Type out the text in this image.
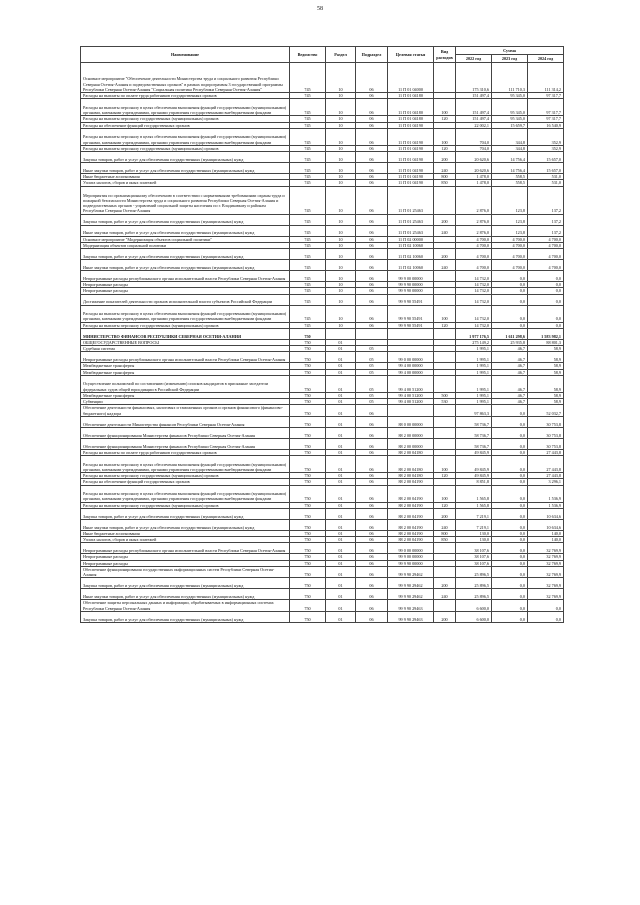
58
Наименование	Ведомство	Раздел	Подраздел	Целевая статья	Вид расходов	Сумма		
						2022 год	2023 год	2024 год
Основное мероприятие "Обеспечение деятельности Министерства труда и социального развития Республики Северная Осетия-Алания и подведомственных органов" в рамках подпрограммы 3 государственной программы Республики Северная Осетия-Алания "Социальная политика Республики Северная Осетия-Алания"	745	10	06	11 П 01 04000		175 310,6	111 710,3	111 314,2
Расходы на выплаты по оплате труда работников государственных органов	745	10	06	11 П 01 04180		151 497,4	95 345,0	97 317,7
Расходы на выплаты персоналу в целях обеспечения выполнения функций государственными (муниципальными) органами, казенными учреждениями, органами управления государственными внебюджетными фондами	745	10	06	11 П 01 04180	100	151 497,4	95 345,0	97 317,7
Расходы на выплаты персоналу государственных (муниципальных) органов	745	10	06	11 П 01 04180	120	151 497,4	95 345,0	97 317,7
Расходы на обеспечение функций государственных органов	745	10	06	11 П 01 04190		22 002,1	15 659,7	16 540,9
Расходы на выплаты персоналу в целях обеспечения выполнения функций государственными (муниципальными) органами, казенными учреждениями, органами управления государственными внебюджетными фондами	745	10	06	11 П 01 04190	100	704,0	344,8	352,9
Расходы на выплаты персоналу государственных (муниципальных) органов	745	10	06	11 П 01 04190	120	704,0	344,8	352,9
Закупка товаров, работ и услуг для обеспечения государственных (муниципальных) нужд	745	10	06	11 П 01 04190	200	20 620,6	14 756,4	15 657,0
Иные закупки товаров, работ и услуг для обеспечения государственных (муниципальных) нужд	745	10	06	11 П 01 04190	240	20 620,6	14 756,4	15 657,0
Иные бюджетные ассигнования	745	10	06	11 П 01 04190	800	1 478,0	558,5	531,0
Уплата налогов, сборов и иных платежей	745	10	06	11 П 01 04190	850	1 478,0	558,5	531,0
Мероприятия по организационному обеспечению в соответствии с нормативными требованиями охраны труда и пожарной безопасности Министерства труда и социального развития Республики Северная Осетия-Алания и подведомственных органов - управлений социальной защиты населения по г. Владикавказу и районам Республики Северная Осетия-Алания	745	10	06	11 П 01 25463		2 876,0	123,8	137,2
Закупка товаров, работ и услуг для обеспечения государственных (муниципальных) нужд	745	10	06	11 П 01 25463	200	2 876,0	123,8	137,2
Иные закупки товаров, работ и услуг для обеспечения государственных (муниципальных) нужд	745	10	06	11 П 01 25463	240	2 876,0	123,8	137,2
Основное мероприятие "Модернизация объектов социальной политики"	745	10	06	11 П 02 00000		4 700,0	4 700,0	4 700,0
Модернизация объектов социальной политики	745	10	06	11 П 02 10060		4 700,0	4 700,0	4 700,0
Закупка товаров, работ и услуг для обеспечения государственных (муниципальных) нужд	745	10	06	11 П 02 10060	200	4 700,0	4 700,0	4 700,0
Иные закупки товаров, работ и услуг для обеспечения государственных (муниципальных) нужд	745	10	06	11 П 02 10060	240	4 700,0	4 700,0	4 700,0
Непрограммные расходы республиканского органа исполнительной власти Республики Северная Осетия-Алания	745	10	06	99 9 00 00000		14 732,0	0,0	0,0
Непрограммные расходы	745	10	06	99 9 90 00000		14 732,0	0,0	0,0
Непрограммные расходы	745	10	06	99 9 90 00000		14 732,0	0,0	0,0
Достижение показателей деятельности органов исполнительной власти субъектов Российской Федерации	745	10	06	99 9 90 55491		14 732,0	0,0	0,0
Расходы на выплаты персоналу в целях обеспечения выполнения функций государственными (муниципальными) органами, казенными учреждениями, органами управления государственными внебюджетными фондами	745	10	06	99 9 90 55491	100	14 732,0	0,0	0,0
Расходы на выплаты персоналу государственных (муниципальных) органов	745	10	06	99 9 90 55491	120	14 732,0	0,0	0,0
МИНИСТЕРСТВО ФИНАНСОВ РЕСПУБЛИКИ СЕВЕРНАЯ ОСЕТИЯ-АЛАНИЯ	750					1 977 176,5	1 611 298,6	1 583 982,1
ОБЩЕГОСУДАРСТВЕННЫЕ ВОПРОСЫ	750	01				275 149,2	25 935,8	88 801,3
Судебная система	750	01	05			1 995,1	46,7	58,9
Непрограммные расходы республиканского органа исполнительной власти Республики Северная Осетия-Алания	750	01	05	99 0 00 00000		1 995,1	46,7	58,9
Межбюджетные трансферты	750	01	05	99 4 00 00000		1 995,1	46,7	58,9
Межбюджетные трансферты	750	01	05	99 4 00 00000		1 995,1	46,7	58,9
Осуществление полномочий по составлению (изменению) списков кандидатов в присяжные заседатели федеральных судов общей юрисдикции в Российской Федерации	750	01	05	99 4 00 51200		1 995,1	46,7	58,9
Межбюджетные трансферты	750	01	05	99 4 00 51200	500	1 995,1	46,7	58,9
Субвенции	750	01	05	99 4 00 51200	530	1 995,1	46,7	58,9
Обеспечение деятельности финансовых, налоговых и таможенных органов и органов финансового (финансово-бюджетного) надзора	750	01	06			97 863,3	0,0	52 032,7
Обеспечение деятельности Министерства финансов Республики Северная Осетия-Алания	750	01	06	88 0 00 00000		58 736,7	0,0	30 753,8
Обеспечение функционирования Министерства финансов Республики Северная Осетия-Алания	750	01	06	88 2 00 00000		58 736,7	0,0	30 753,8
Обеспечение функционирования Министерства финансов Республики Северная Осетия-Алания	750	01	06	88 2 00 00000		58 736,7	0,0	30 753,8
Расходы на выплаты по оплате труда работников государственных органов	750	01	06	88 2 00 04180		49 845,9	0,0	27 443,8
Расходы на выплаты персоналу в целях обеспечения выполнения функций государственными (муниципальными) органами, казенными учреждениями, органами управления государственными внебюджетными фондами	750	01	06	88 2 00 04180	100	49 845,9	0,0	27 443,8
Расходы на выплаты персоналу государственных (муниципальных) органов	750	01	06	88 2 00 04180	120	49 845,9	0,0	27 443,8
Расходы на обеспечение функций государственных органов	750	01	06	88 2 00 04190		8 851,8	0,0	3 296,1
Расходы на выплаты персоналу в целях обеспечения выполнения функций государственными (муниципальными) органами, казенными учреждениями, органами управления государственными внебюджетными фондами	750	01	06	88 2 00 04190	100	1 565,8	0,0	1 536,9
Расходы на выплаты персоналу государственных (муниципальных) органов	750	01	06	88 2 00 04190	120	1 565,8	0,0	1 536,9
Закупка товаров, работ и услуг для обеспечения государственных (муниципальных) нужд	750	01	06	88 2 00 04190	200	7 219,1	0,0	10 634,6
Иные закупки товаров, работ и услуг для обеспечения государственных (муниципальных) нужд	750	01	06	88 2 00 04190	240	7 219,1	0,0	10 634,6
Иные бюджетные ассигнования	750	01	06	88 2 00 04190	800	130,0	0,0	140,0
Уплата налогов, сборов и иных платежей	750	01	06	88 2 00 04190	850	130,0	0,0	140,0
Непрограммные расходы республиканского органа исполнительной власти Республики Северная Осетия-Алания	750	01	06	99 0 00 00000		38 107,6	0,0	32 769,9
Непрограммные расходы	750	01	06	99 9 00 00000		38 107,6	0,0	32 769,9
Непрограммные расходы	750	01	06	99 9 90 00000		38 107,6	0,0	32 769,9
Обеспечение функционирования государственных информационных систем Республики Северная Осетия-Алания	750	01	06	99 9 90 29462		25 896,5	0,0	32 769,9
Закупка товаров, работ и услуг для обеспечения государственных (муниципальных) нужд	750	01	06	99 9 90 29462	200	25 896,5	0,0	32 769,9
Иные закупки товаров, работ и услуг для обеспечения государственных (муниципальных) нужд	750	01	06	99 9 90 29462	240	25 896,5	0,0	32 769,9
Обеспечение защиты персональных данных и информации, обрабатываемых в информационных системах Республики Северная Осетия-Алания	750	01	06	99 9 90 29463		6 600,0	0,0	0,0
Закупка товаров, работ и услуг для обеспечения государственных (муниципальных) нужд	750	01	06	99 9 90 29463	200	6 600,0	0,0	0,0
